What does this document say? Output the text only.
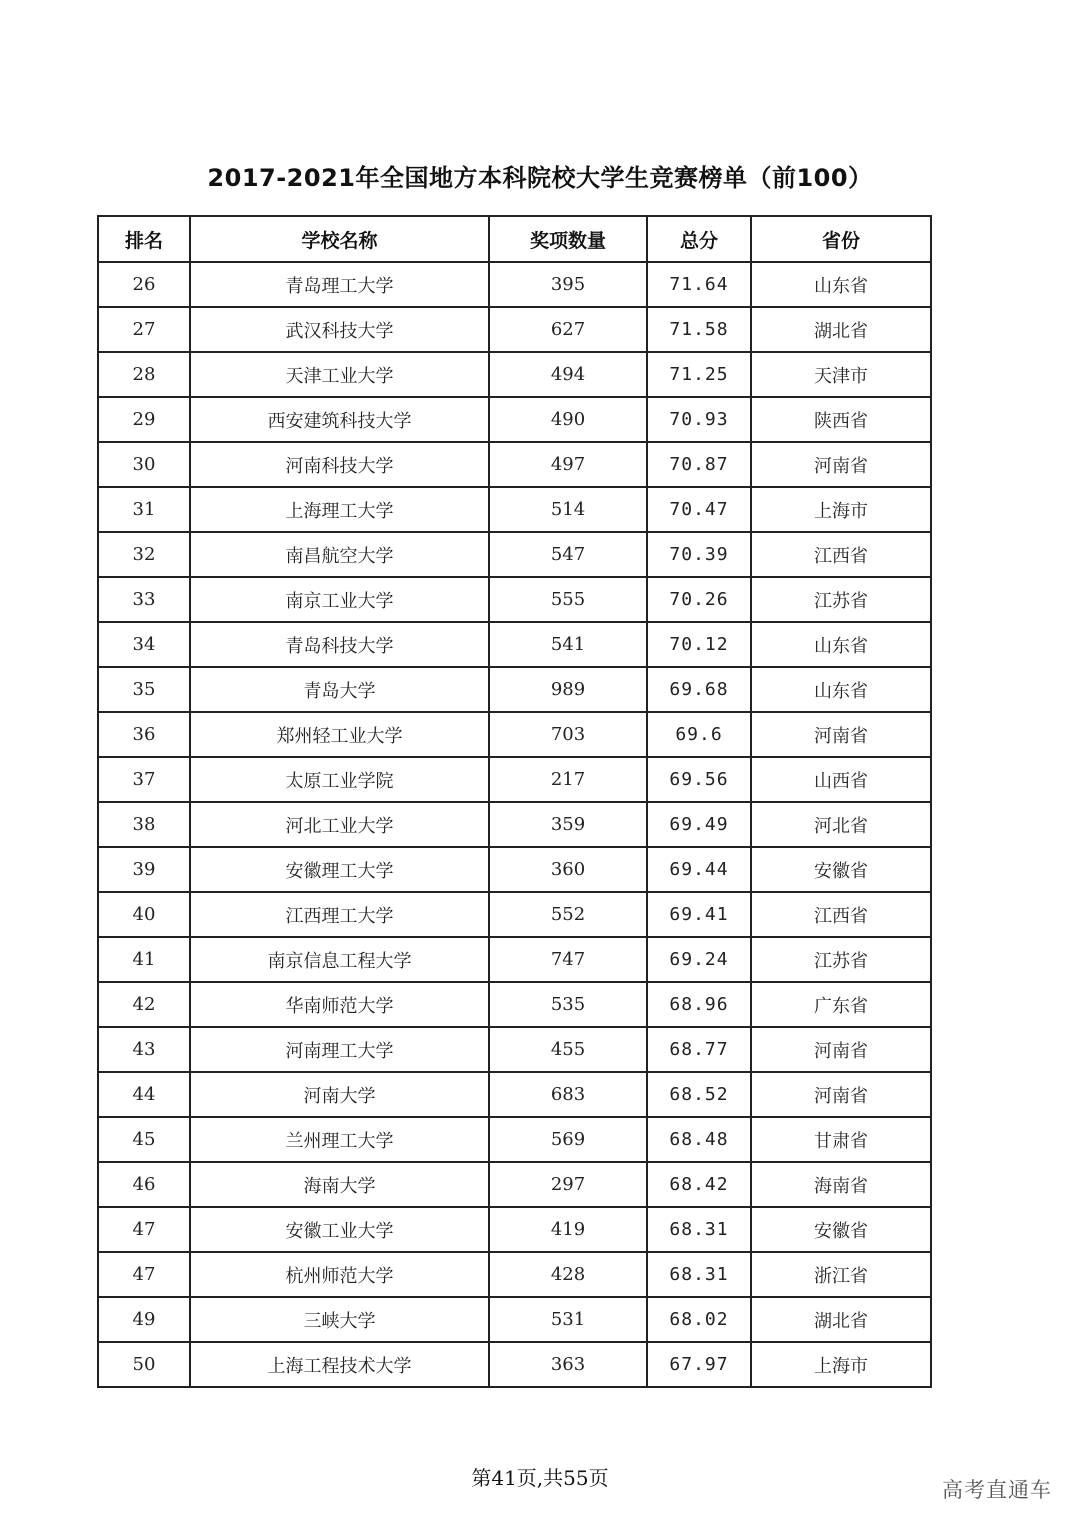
2017-2021年全国地方本科院校大学生竞赛榜单（前100）
排名	学校名称	奖项数量	总分	省份
26	青岛理工大学	395	71.64	山东省
27	武汉科技大学	627	71.58	湖北省
28	天津工业大学	494	71.25	天津市
29	西安建筑科技大学	490	70.93	陕西省
30	河南科技大学	497	70.87	河南省
31	上海理工大学	514	70.47	上海市
32	南昌航空大学	547	70.39	江西省
33	南京工业大学	555	70.26	江苏省
34	青岛科技大学	541	70.12	山东省
35	青岛大学	989	69.68	山东省
36	郑州轻工业大学	703	69.6	河南省
37	太原工业学院	217	69.56	山西省
38	河北工业大学	359	69.49	河北省
39	安徽理工大学	360	69.44	安徽省
40	江西理工大学	552	69.41	江西省
41	南京信息工程大学	747	69.24	江苏省
42	华南师范大学	535	68.96	广东省
43	河南理工大学	455	68.77	河南省
44	河南大学	683	68.52	河南省
45	兰州理工大学	569	68.48	甘肃省
46	海南大学	297	68.42	海南省
47	安徽工业大学	419	68.31	安徽省
47	杭州师范大学	428	68.31	浙江省
49	三峡大学	531	68.02	湖北省
50	上海工程技术大学	363	67.97	上海市
第41页,共55页	高考直通车
